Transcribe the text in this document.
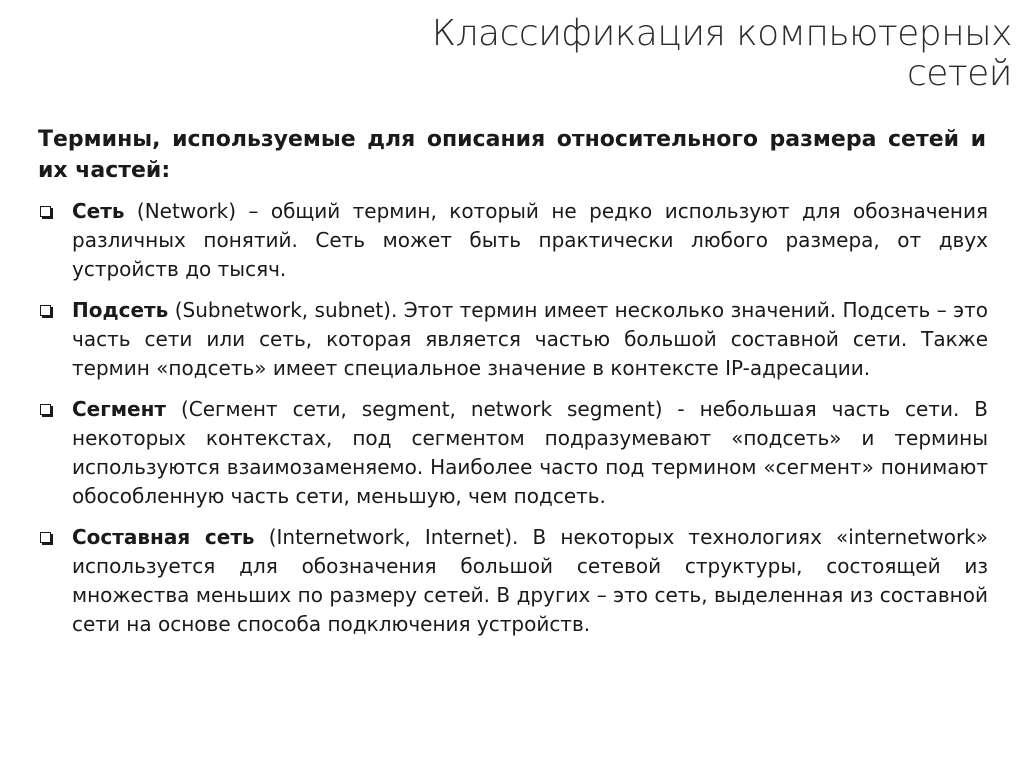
Классификация компьютерных
сетей
Термины, используемые для описания относительного размера сетей и их частей:
Сеть (Network) – общий термин, который не редко используют для обозначения различных понятий. Сеть может быть практически любого размера, от двух устройств до тысяч.
Подсеть (Subnetwork, subnet). Этот термин имеет несколько значений. Подсеть – это часть сети или сеть, которая является частью большой составной сети. Также термин «подсеть» имеет специальное значение в контексте IP-адресации.
Сегмент (Сегмент сети, segment, network segment) - небольшая часть сети. В некоторых контекстах, под сегментом подразумевают «подсеть» и термины используются взаимозаменяемо. Наиболее часто под термином «сегмент» понимают обособленную часть сети, меньшую, чем подсеть.
Составная сеть (Internetwork, Internet). В некоторых технологиях «internetwork» используется для обозначения большой сетевой структуры, состоящей из множества меньших по размеру сетей. В других – это сеть, выделенная из составной сети на основе способа подключения устройств.
